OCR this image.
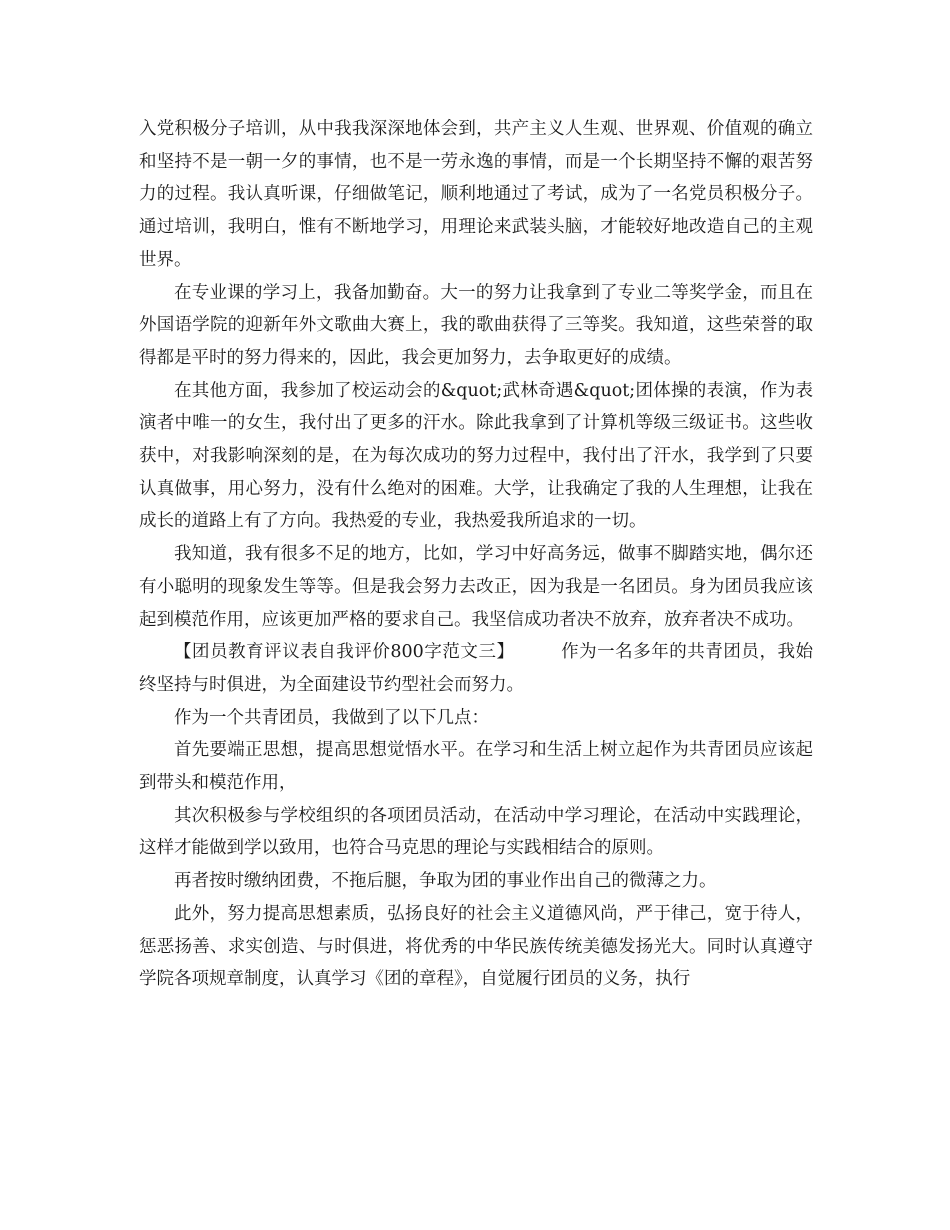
入党积极分子培训，从中我我深深地体会到，共产主义人生观、世界观、价值观的确立和坚持不是一朝一夕的事情，也不是一劳永逸的事情，而是一个长期坚持不懈的艰苦努力的过程。我认真听课，仔细做笔记，顺利地通过了考试，成为了一名党员积极分子。通过培训，我明白，惟有不断地学习，用理论来武装头脑，才能较好地改造自己的主观世界。

在专业课的学习上，我备加勤奋。大一的努力让我拿到了专业二等奖学金，而且在外国语学院的迎新年外文歌曲大赛上，我的歌曲获得了三等奖。我知道，这些荣誉的取得都是平时的努力得来的，因此，我会更加努力，去争取更好的成绩。

在其他方面，我参加了校运动会的&quot;武林奇遇&quot;团体操的表演，作为表演者中唯一的女生，我付出了更多的汗水。除此我拿到了计算机等级三级证书。这些收获中，对我影响深刻的是，在为每次成功的努力过程中，我付出了汗水，我学到了只要认真做事，用心努力，没有什么绝对的困难。大学，让我确定了我的人生理想，让我在成长的道路上有了方向。我热爱的专业，我热爱我所追求的一切。

我知道，我有很多不足的地方，比如，学习中好高务远，做事不脚踏实地，偶尔还有小聪明的现象发生等等。但是我会努力去改正，因为我是一名团员。身为团员我应该起到模范作用，应该更加严格的要求自己。我坚信成功者决不放弃，放弃者决不成功。

【团员教育评议表自我评价800字范文三】	作为一名多年的共青团员，我始终坚持与时俱进，为全面建设节约型社会而努力。

作为一个共青团员，我做到了以下几点：

首先要端正思想，提高思想觉悟水平。在学习和生活上树立起作为共青团员应该起到带头和模范作用，

其次积极参与学校组织的各项团员活动，在活动中学习理论，在活动中实践理论，这样才能做到学以致用，也符合马克思的理论与实践相结合的原则。

再者按时缴纳团费，不拖后腿，争取为团的事业作出自己的微薄之力。

此外，努力提高思想素质，弘扬良好的社会主义道德风尚，严于律己，宽于待人，惩恶扬善、求实创造、与时俱进，将优秀的中华民族传统美德发扬光大。同时认真遵守学院各项规章制度，认真学习《团的章程》，自觉履行团员的义务，执行
